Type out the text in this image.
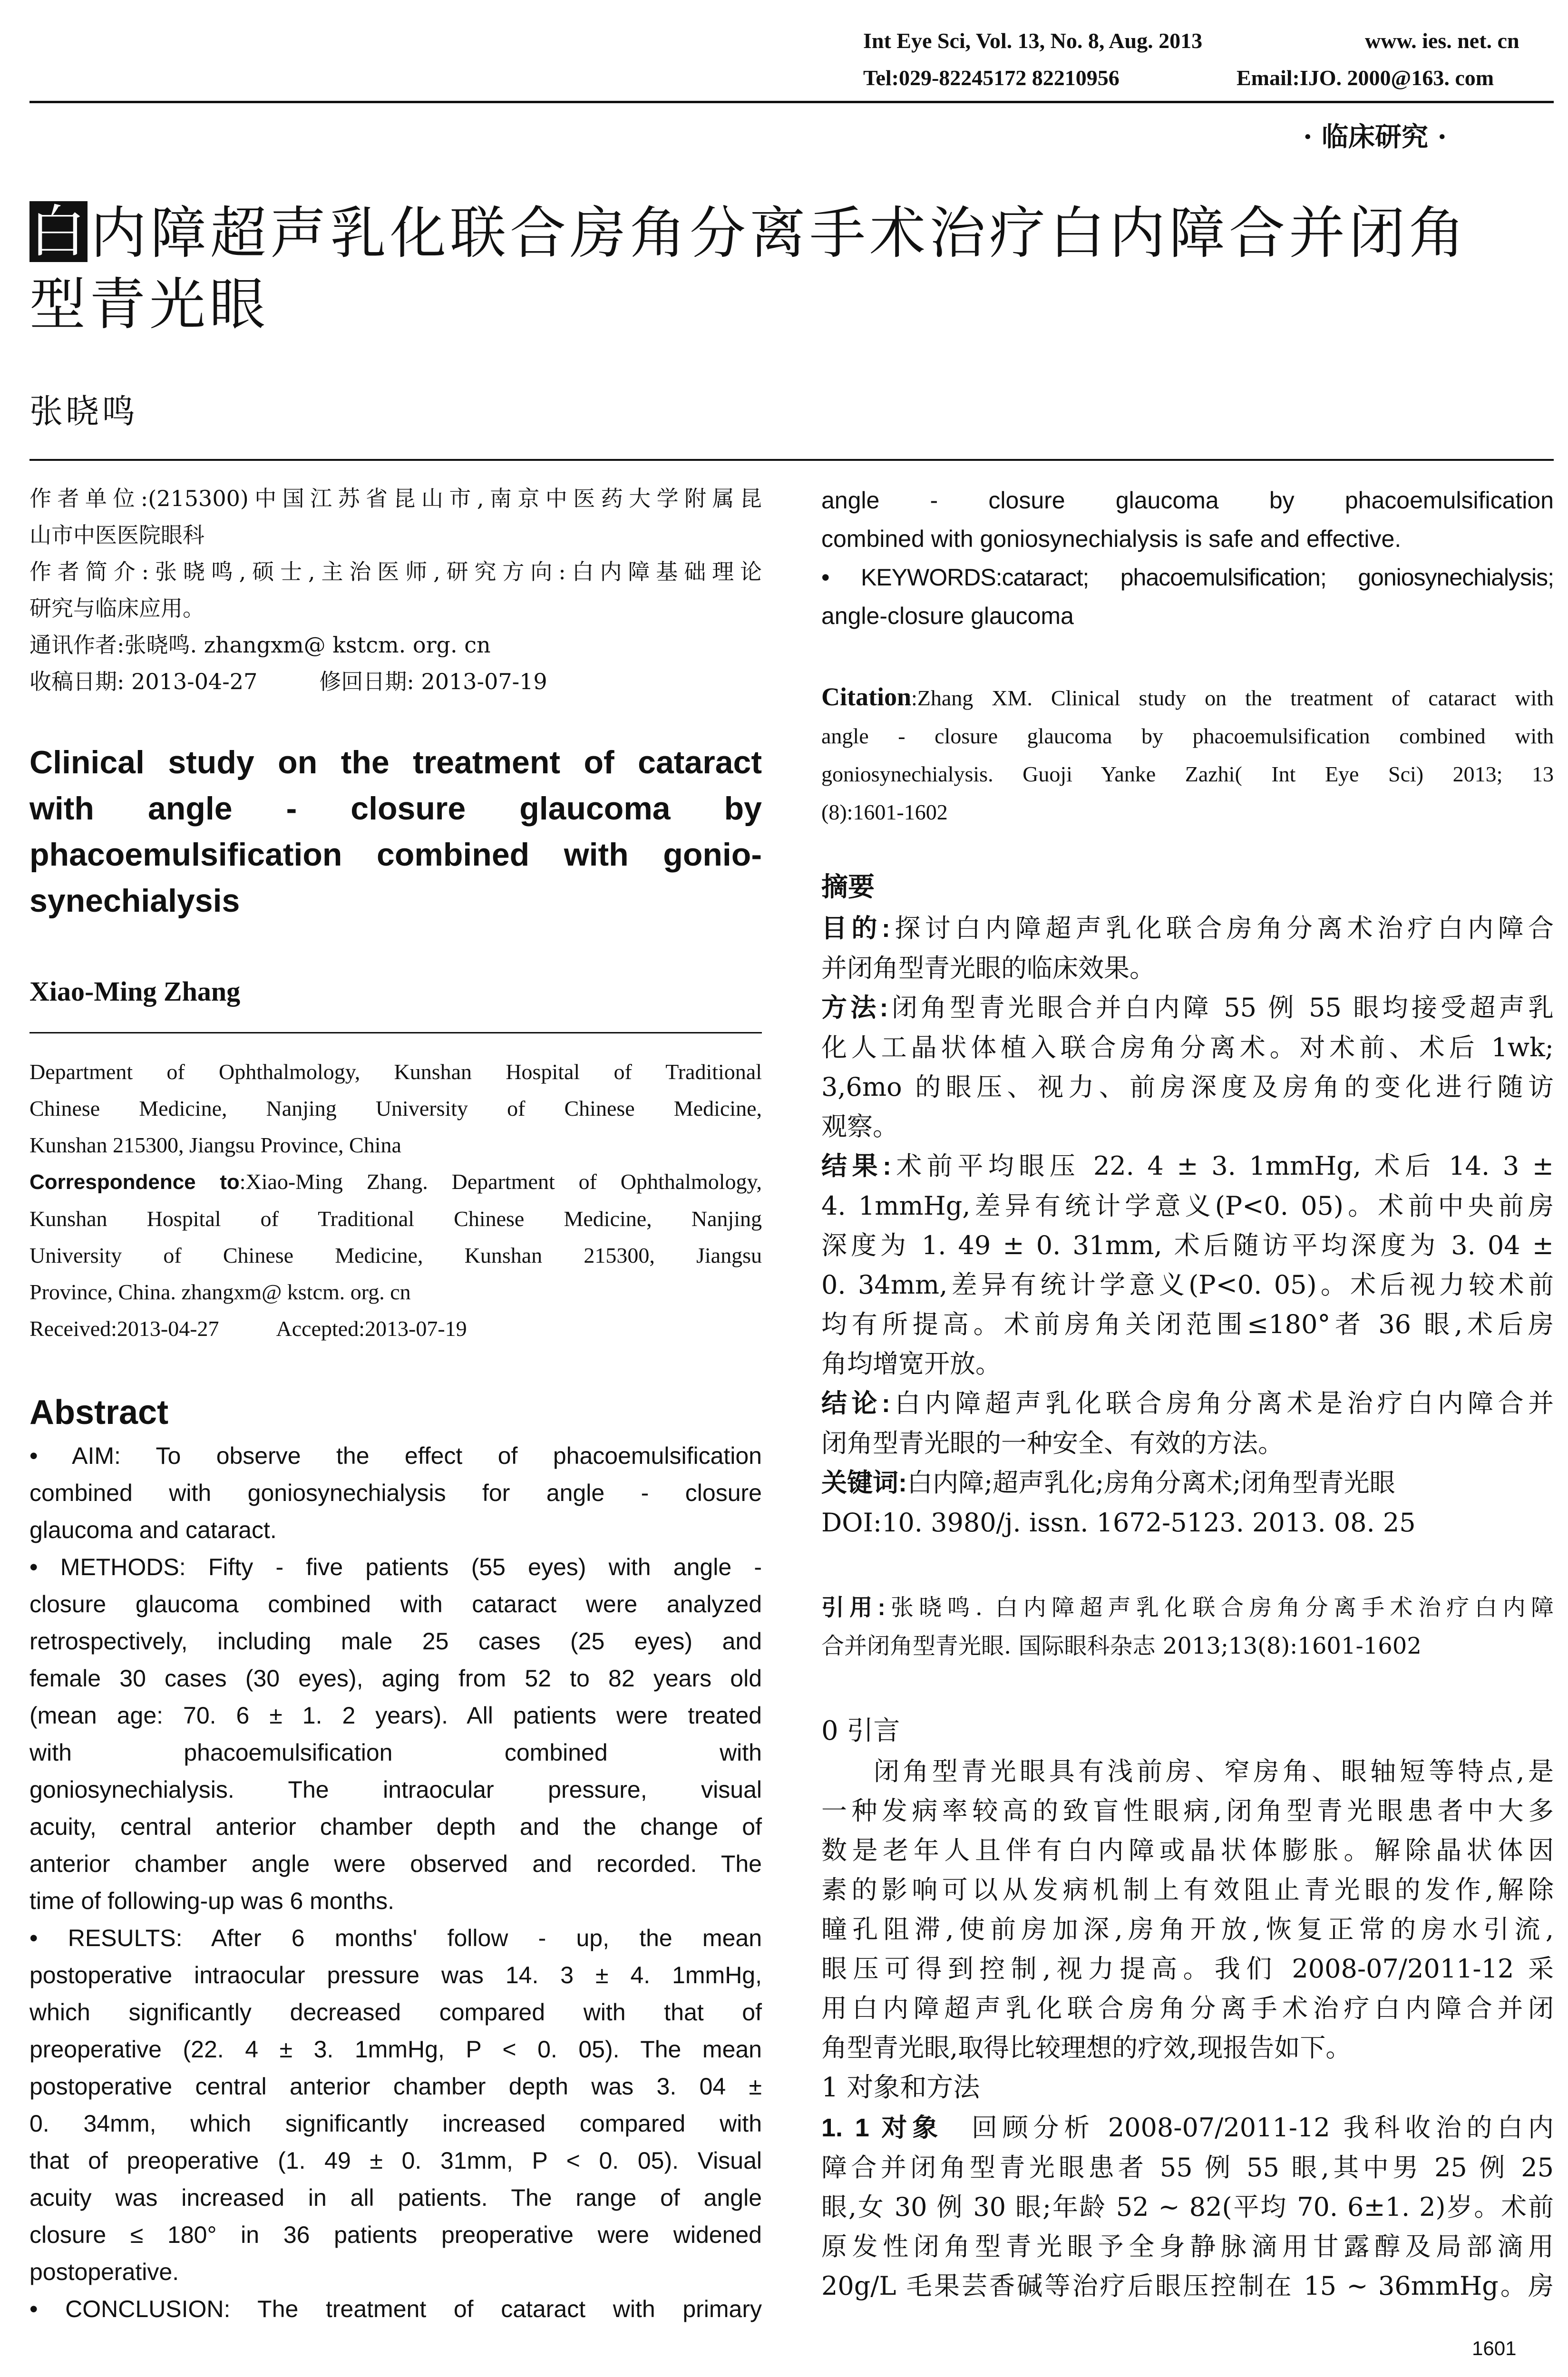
Int Eye Sci, Vol. 13, No. 8, Aug. 2013	www. ies. net. cn
Tel:029-82245172 82210956	Email:IJO. 2000@163. com
· 临床研究 ·
白内障超声乳化联合房角分离手术治疗白内障合并闭角
型青光眼
张晓鸣

作者单位:(215300)中国江苏省昆山市,南京中医药大学附属昆

山市中医医院眼科

作者简介:张晓鸣,硕士,主治医师,研究方向:白内障基础理论

研究与临床应用。

通讯作者:张晓鸣. zhangxm@ kstcm. org. cn

收稿日期: 2013-04-27	修回日期: 2013-07-19

Clinical study on the treatment of cataract

with angle - closure glaucoma by

phacoemulsification combined with gonio-

synechialysis

Xiao-Ming Zhang

Department of Ophthalmology, Kunshan Hospital of Traditional

Chinese Medicine, Nanjing University of Chinese Medicine,

Kunshan 215300, Jiangsu Province, China

Correspondence to:Xiao-Ming Zhang. Department of Ophthalmology,

Kunshan Hospital of Traditional Chinese Medicine, Nanjing

University of Chinese Medicine, Kunshan 215300, Jiangsu

Province, China. zhangxm@ kstcm. org. cn

Received:2013-04-27	Accepted:2013-07-19

Abstract

• AIM: To observe the effect of phacoemulsification

combined with goniosynechialysis for angle - closure

glaucoma and cataract.

• METHODS: Fifty - five patients (55 eyes) with angle -

closure glaucoma combined with cataract were analyzed

retrospectively, including male 25 cases (25 eyes) and

female 30 cases (30 eyes), aging from 52 to 82 years old

(mean age: 70. 6 ± 1. 2 years). All patients were treated

with phacoemulsification combined with

goniosynechialysis. The intraocular pressure, visual

acuity, central anterior chamber depth and the change of

anterior chamber angle were observed and recorded. The

time of following-up was 6 months.

• RESULTS: After 6 months' follow - up, the mean

postoperative intraocular pressure was 14. 3 ± 4. 1mmHg,

which significantly decreased compared with that of

preoperative (22. 4 ± 3. 1mmHg, P < 0. 05). The mean

postoperative central anterior chamber depth was 3. 04 ±

0. 34mm, which significantly increased compared with

that of preoperative (1. 49 ± 0. 31mm, P < 0. 05). Visual

acuity was increased in all patients. The range of angle

closure ≤ 180° in 36 patients preoperative were widened

postoperative.

• CONCLUSION: The treatment of cataract with primary

angle - closure glaucoma by phacoemulsification

combined with goniosynechialysis is safe and effective.

• KEYWORDS:cataract; phacoemulsification; goniosynechialysis;

angle-closure glaucoma

Citation:Zhang XM. Clinical study on the treatment of cataract with

angle - closure glaucoma by phacoemulsification combined with

goniosynechialysis. Guoji Yanke Zazhi( Int Eye Sci) 2013; 13

(8):1601-1602

摘要

目的:探讨白内障超声乳化联合房角分离术治疗白内障合

并闭角型青光眼的临床效果。

方法:闭角型青光眼合并白内障 55 例 55 眼均接受超声乳

化人工晶状体植入联合房角分离术。对术前、术后 1wk;

3,6mo 的眼压、视力、前房深度及房角的变化进行随访

观察。

结果:术前平均眼压 22. 4 ± 3. 1mmHg, 术后 14. 3 ±

4. 1mmHg,差异有统计学意义(P<0. 05)。术前中央前房

深度为 1. 49 ± 0. 31mm, 术后随访平均深度为 3. 04 ±

0. 34mm,差异有统计学意义(P<0. 05)。术后视力较术前

均有所提高。术前房角关闭范围≤180°者 36 眼,术后房

角均增宽开放。

结论:白内障超声乳化联合房角分离术是治疗白内障合并

闭角型青光眼的一种安全、有效的方法。

关键词:白内障;超声乳化;房角分离术;闭角型青光眼

DOI:10. 3980/j. issn. 1672-5123. 2013. 08. 25

引用:张晓鸣. 白内障超声乳化联合房角分离手术治疗白内障

合并闭角型青光眼. 国际眼科杂志 2013;13(8):1601-1602

0 引言

闭角型青光眼具有浅前房、窄房角、眼轴短等特点,是

一种发病率较高的致盲性眼病,闭角型青光眼患者中大多

数是老年人且伴有白内障或晶状体膨胀。解除晶状体因

素的影响可以从发病机制上有效阻止青光眼的发作,解除

瞳孔阻滞,使前房加深,房角开放,恢复正常的房水引流,

眼压可得到控制,视力提高。我们 2008-07/2011-12 采

用白内障超声乳化联合房角分离手术治疗白内障合并闭

角型青光眼,取得比较理想的疗效,现报告如下。

1 对象和方法

1. 1 对象 回顾分析 2008-07/2011-12 我科收治的白内

障合并闭角型青光眼患者 55 例 55 眼,其中男 25 例 25

眼,女 30 例 30 眼;年龄 52 ~ 82(平均 70. 6±1. 2)岁。术前

原发性闭角型青光眼予全身静脉滴用甘露醇及局部滴用

20g/L 毛果芸香碱等治疗后眼压控制在 15 ~ 36mmHg。房

1601
